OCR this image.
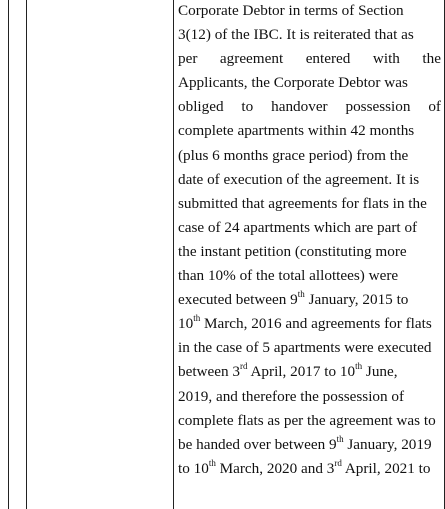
Corporate Debtor in terms of Section
3(12) of the IBC. It is reiterated that as
per agreement entered with the
Applicants, the Corporate Debtor was
obliged to handover possession of
complete apartments within 42 months
(plus 6 months grace period) from the
date of execution of the agreement. It is
submitted that agreements for flats in the
case of 24 apartments which are part of
the instant petition (constituting more
than 10% of the total allottees) were
executed between 9th January, 2015 to
10th March, 2016 and agreements for flats
in the case of 5 apartments were executed
between 3rd April, 2017 to 10th June,
2019, and therefore the possession of
complete flats as per the agreement was to
be handed over between 9th January, 2019
to 10th March, 2020 and 3rd April, 2021 to
